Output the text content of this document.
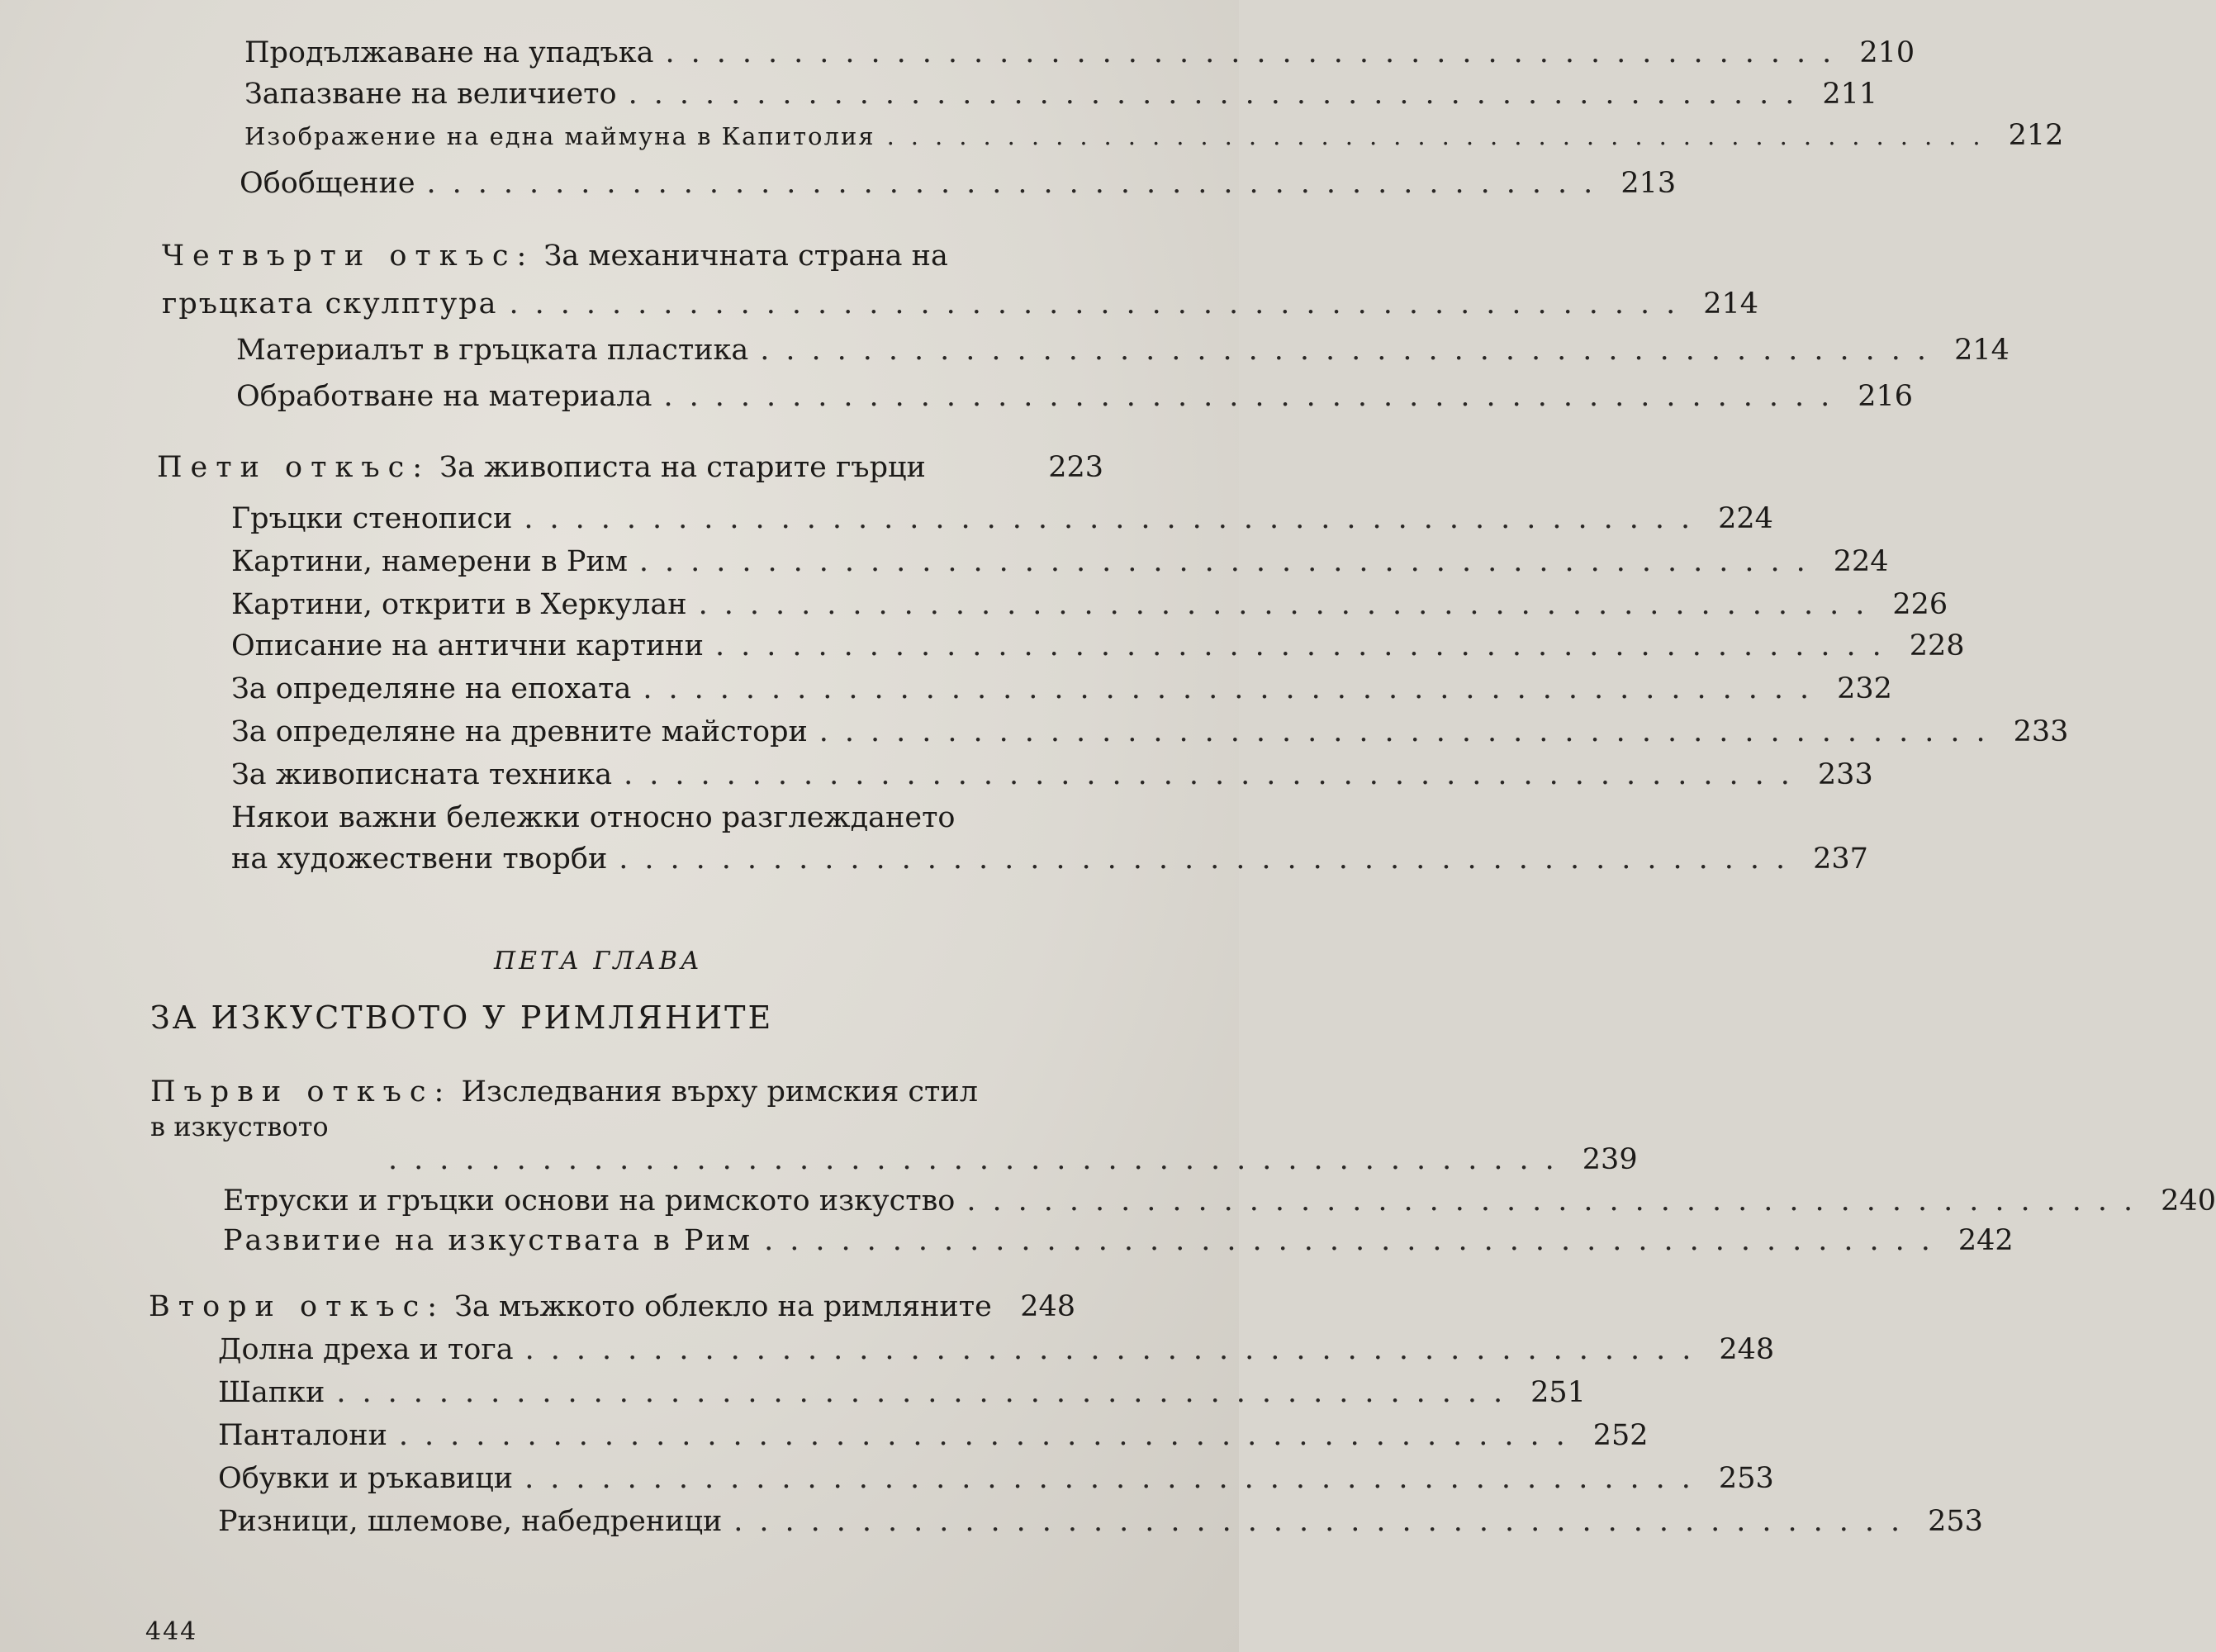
Продължаване на упадъка .............................................. 210
Запазване на величието .............................................. 211
Изображение на една маймуна в Капитолия .............................................. 212
Обобщение .............................................. 213
Четвърти откъс: За механичната страна на
гръцката скулптура .............................................. 214
Материалът в гръцката пластика .............................................. 214
Обработване на материала .............................................. 216
Пети откъс: За живописта на старите гърци	223
Гръцки стенописи .............................................. 224
Картини, намерени в Рим .............................................. 224
Картини, открити в Херкулан .............................................. 226
Описание на антични картини .............................................. 228
За определяне на епохата .............................................. 232
За определяне на древните майстори .............................................. 233
За живописната техника .............................................. 233
Някои важни бележки относно разглеждането
на художествени творби .............................................. 237
ПЕТА ГЛАВА
ЗА ИЗКУСТВОТО У РИМЛЯНИТЕ
Първи откъс: Изследвания върху римския стил
в изкуството
.............................................. 239
Етруски и гръцки основи на римското изкуство .............................................. 240
Развитие на изкуствата в Рим .............................................. 242
Втори откъс: За мъжкото облекло на римляните 248
Долна дреха и тога .............................................. 248
Шапки .............................................. 251
Панталони .............................................. 252
Обувки и ръкавици .............................................. 253
Ризници, шлемове, набедреници .............................................. 253
444
